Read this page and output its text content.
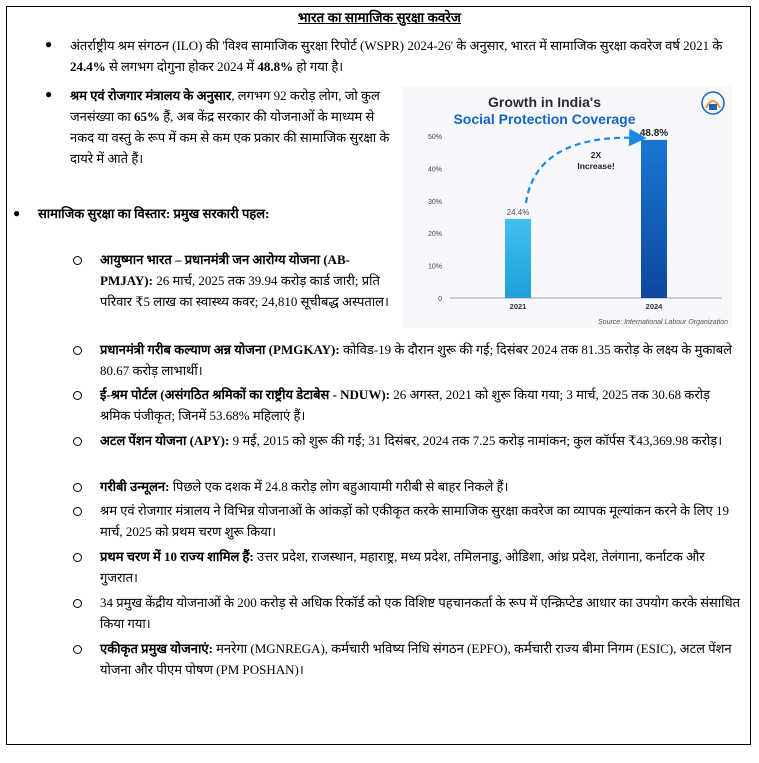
भारत का सामाजिक सुरक्षा कवरेज
● अंतर्राष्ट्रीय श्रम संगठन (ILO) की 'विश्व सामाजिक सुरक्षा रिपोर्ट (WSPR) 2024-26' के अनुसार, भारत में सामाजिक सुरक्षा कवरेज वर्ष 2021 के 24.4% से लगभग दोगुना होकर 2024 में 48.8% हो गया है।

● श्रम एवं रोजगार मंत्रालय के अनुसार, लगभग 92 करोड़ लोग, जो कुल जनसंख्या का 65% हैं, अब केंद्र सरकार की योजनाओं के माध्यम से नकद या वस्तु के रूप में कम से कम एक प्रकार की सामाजिक सुरक्षा के दायरे में आते हैं।

● सामाजिक सुरक्षा का विस्तार: प्रमुख सरकारी पहल:

Growth in India's
Social Protection Coverage
0
10%
20%
30%
40%
50%
24.4%
2021
48.8%
2024
2X
Increase!
Source: International Labour Organization

आयुष्मान भारत – प्रधानमंत्री जन आरोग्य योजना (AB-PMJAY): 26 मार्च, 2025 तक 39.94 करोड़ कार्ड जारी; प्रति परिवार ₹5 लाख का स्वास्थ्य कवर; 24,810 सूचीबद्ध अस्पताल।

प्रधानमंत्री गरीब कल्याण अन्न योजना (PMGKAY): कोविड-19 के दौरान शुरू की गई; दिसंबर 2024 तक 81.35 करोड़ के लक्ष्य के मुकाबले 80.67 करोड़ लाभार्थी।

ई-श्रम पोर्टल (असंगठित श्रमिकों का राष्ट्रीय डेटाबेस - NDUW): 26 अगस्त, 2021 को शुरू किया गया; 3 मार्च, 2025 तक 30.68 करोड़ श्रमिक पंजीकृत; जिनमें 53.68% महिलाएं हैं।

अटल पेंशन योजना (APY): 9 मई, 2015 को शुरू की गई; 31 दिसंबर, 2024 तक 7.25 करोड़ नामांकन; कुल कॉर्पस ₹43,369.98 करोड़।

गरीबी उन्मूलन: पिछले एक दशक में 24.8 करोड़ लोग बहुआयामी गरीबी से बाहर निकले हैं।

श्रम एवं रोजगार मंत्रालय ने विभिन्न योजनाओं के आंकड़ों को एकीकृत करके सामाजिक सुरक्षा कवरेज का व्यापक मूल्यांकन करने के लिए 19 मार्च, 2025 को प्रथम चरण शुरू किया।

प्रथम चरण में 10 राज्य शामिल हैं: उत्तर प्रदेश, राजस्थान, महाराष्ट्र, मध्य प्रदेश, तमिलनाडु, ओडिशा, आंध्र प्रदेश, तेलंगाना, कर्नाटक और गुजरात।

34 प्रमुख केंद्रीय योजनाओं के 200 करोड़ से अधिक रिकॉर्ड को एक विशिष्ट पहचानकर्ता के रूप में एन्क्रिप्टेड आधार का उपयोग करके संसाधित किया गया।

एकीकृत प्रमुख योजनाएं: मनरेगा (MGNREGA), कर्मचारी भविष्य निधि संगठन (EPFO), कर्मचारी राज्य बीमा निगम (ESIC), अटल पेंशन योजना और पीएम पोषण (PM POSHAN)।
